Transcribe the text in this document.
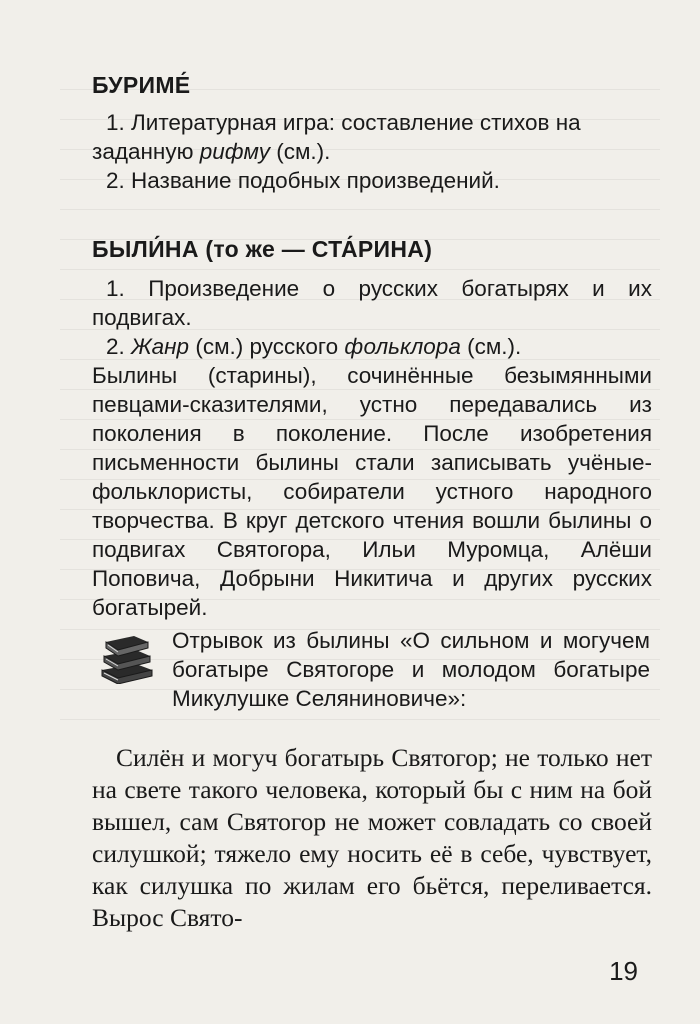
БУРИМЕ́
1. Литературная игра: составление стихов на заданную рифму (см.).
2. Название подобных произведений.
БЫЛИ́НА (то же — СТА́РИНА)
1. Произведение о русских богатырях и их подвигах.
2. Жанр (см.) русского фольклора (см.).
Былины (старины), сочинённые безымянными певцами-сказителями, устно передавались из поколения в поколение. После изобретения письменности былины стали записывать учёные-фольклористы, собиратели устного народного творчества. В круг детского чтения вошли былины о подвигах Святогора, Ильи Муромца, Алёши Поповича, Добрыни Никитича и других русских богатырей.
Отрывок из былины «О сильном и могучем богатыре Святогоре и молодом богатыре Микулушке Селяниновиче»:
Силён и могуч богатырь Святогор; не только нет на свете такого человека, который бы с ним на бой вышел, сам Святогор не может совладать со своей силушкой; тяжело ему носить её в себе, чувствует, как силушка по жилам его бьётся, переливается. Вырос Свято-
19
